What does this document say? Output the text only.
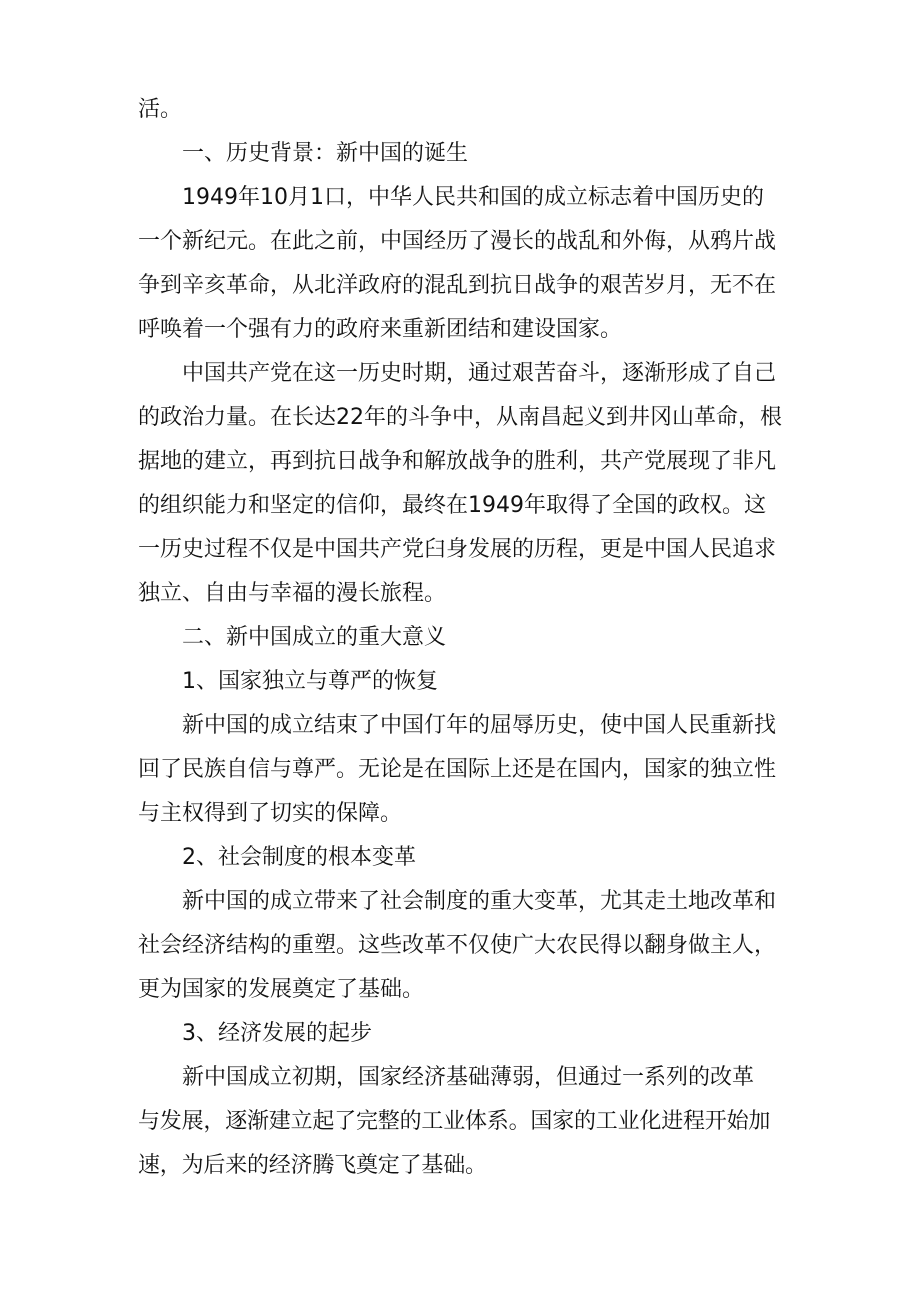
活。

一、历史背景：新中国的诞生

1949年10月1口，中华人民共和国的成立标志着中国历史的一个新纪元。在此之前，中国经历了漫长的战乱和外侮，从鸦片战争到辛亥革命，从北洋政府的混乱到抗日战争的艰苦岁月，无不在呼唤着一个强有力的政府来重新团结和建设国家。

中国共产党在这一历史时期，通过艰苦奋斗，逐渐形成了自己的政治力量。在长达22年的斗争中，从南昌起义到井冈山革命，根据地的建立，再到抗日战争和解放战争的胜利，共产党展现了非凡的组织能力和坚定的信仰，最终在1949年取得了全国的政权。这一历史过程不仅是中国共产党臼身发展的历程，更是中国人民追求独立、自由与幸福的漫长旅程。

二、新中国成立的重大意义

1、国家独立与尊严的恢复

新中国的成立结束了中国仃年的屈辱历史，使中国人民重新找回了民族自信与尊严。无论是在国际上还是在国内，国家的独立性与主权得到了切实的保障。

2、社会制度的根本变革

新中国的成立带来了社会制度的重大变革，尤其走土地改革和社会经济结构的重塑。这些改革不仅使广大农民得以翻身做主人，更为国家的发展奠定了基础。

3、经济发展的起步

新中国成立初期，国家经济基础薄弱，但通过一系列的改革

与发展，逐渐建立起了完整的工业体系。国家的工业化进程开始加速，为后来的经济腾飞奠定了基础。
